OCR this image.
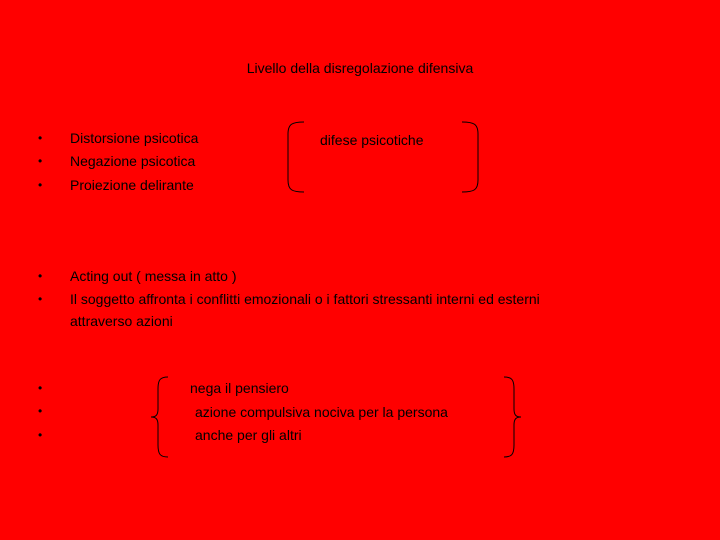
Livello della disregolazione difensiva
•
•
•
Distorsione psicotica
Negazione psicotica
Proiezione delirante
difese psicotiche
•
•
Acting out ( messa in atto )
Il soggetto affronta i conflitti emozionali o i fattori stressanti interni ed esterni
attraverso azioni
•
•
•
nega il pensiero
azione compulsiva nociva per la persona
anche per gli altri
